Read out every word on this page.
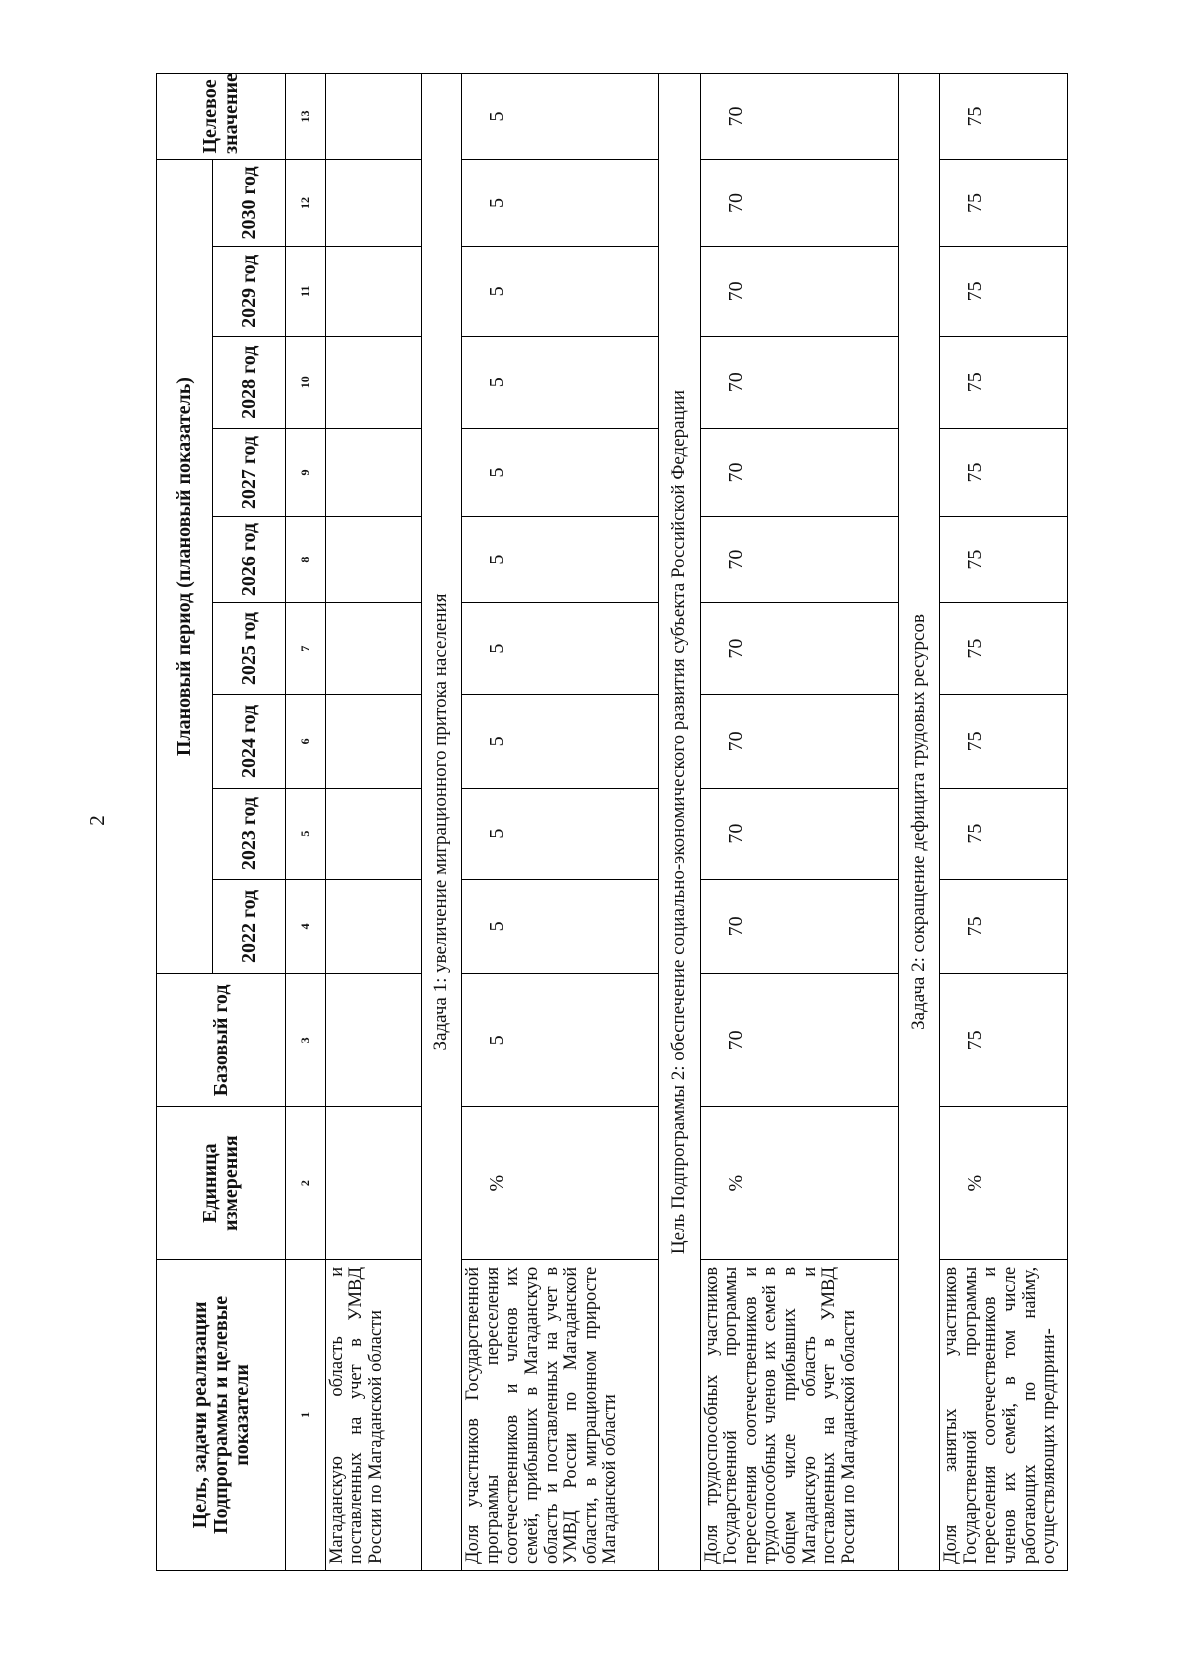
2
Цель, задачи реализации Подпрограммы и целевые показатели	Единица измерения	Базовый год	Плановый период (плановый показатель)									Целевое значение
			2022 год	2023 год	2024 год	2025 год	2026 год	2027 год	2028 год	2029 год	2030 год	
1	2	3	4	5	6	7	8	9	10	11	12	13
Магаданскую область и поставленных на учет в УМВД России по Магаданской области												
Задача 1: увеличение миграционного притока населения												
Доля участников Государственной программы переселения соотечественников и членов их семей, прибывших в Магаданскую область и поставленных на учет в УМВД России по Магаданской области, в миграционном приросте Магаданской области	%	5	5	5	5	5	5	5	5	5	5	5
Цель Подпрограммы 2: обеспечение социально-экономического развития субъекта Российской Федерации												
Доля трудоспособных участников Государственной программы переселения соотечественников и трудоспособных членов их семей в общем числе прибывших в Магаданскую область и поставленных на учет в УМВД России по Магаданской области	%	70	70	70	70	70	70	70	70	70	70	70
Задача 2: сокращение дефицита трудовых ресурсов												
Доля занятых участников Государственной программы переселения соотечественников и членов их семей, в том числе работающих по найму, осуществляющих предприни-	%	75	75	75	75	75	75	75	75	75	75	75
